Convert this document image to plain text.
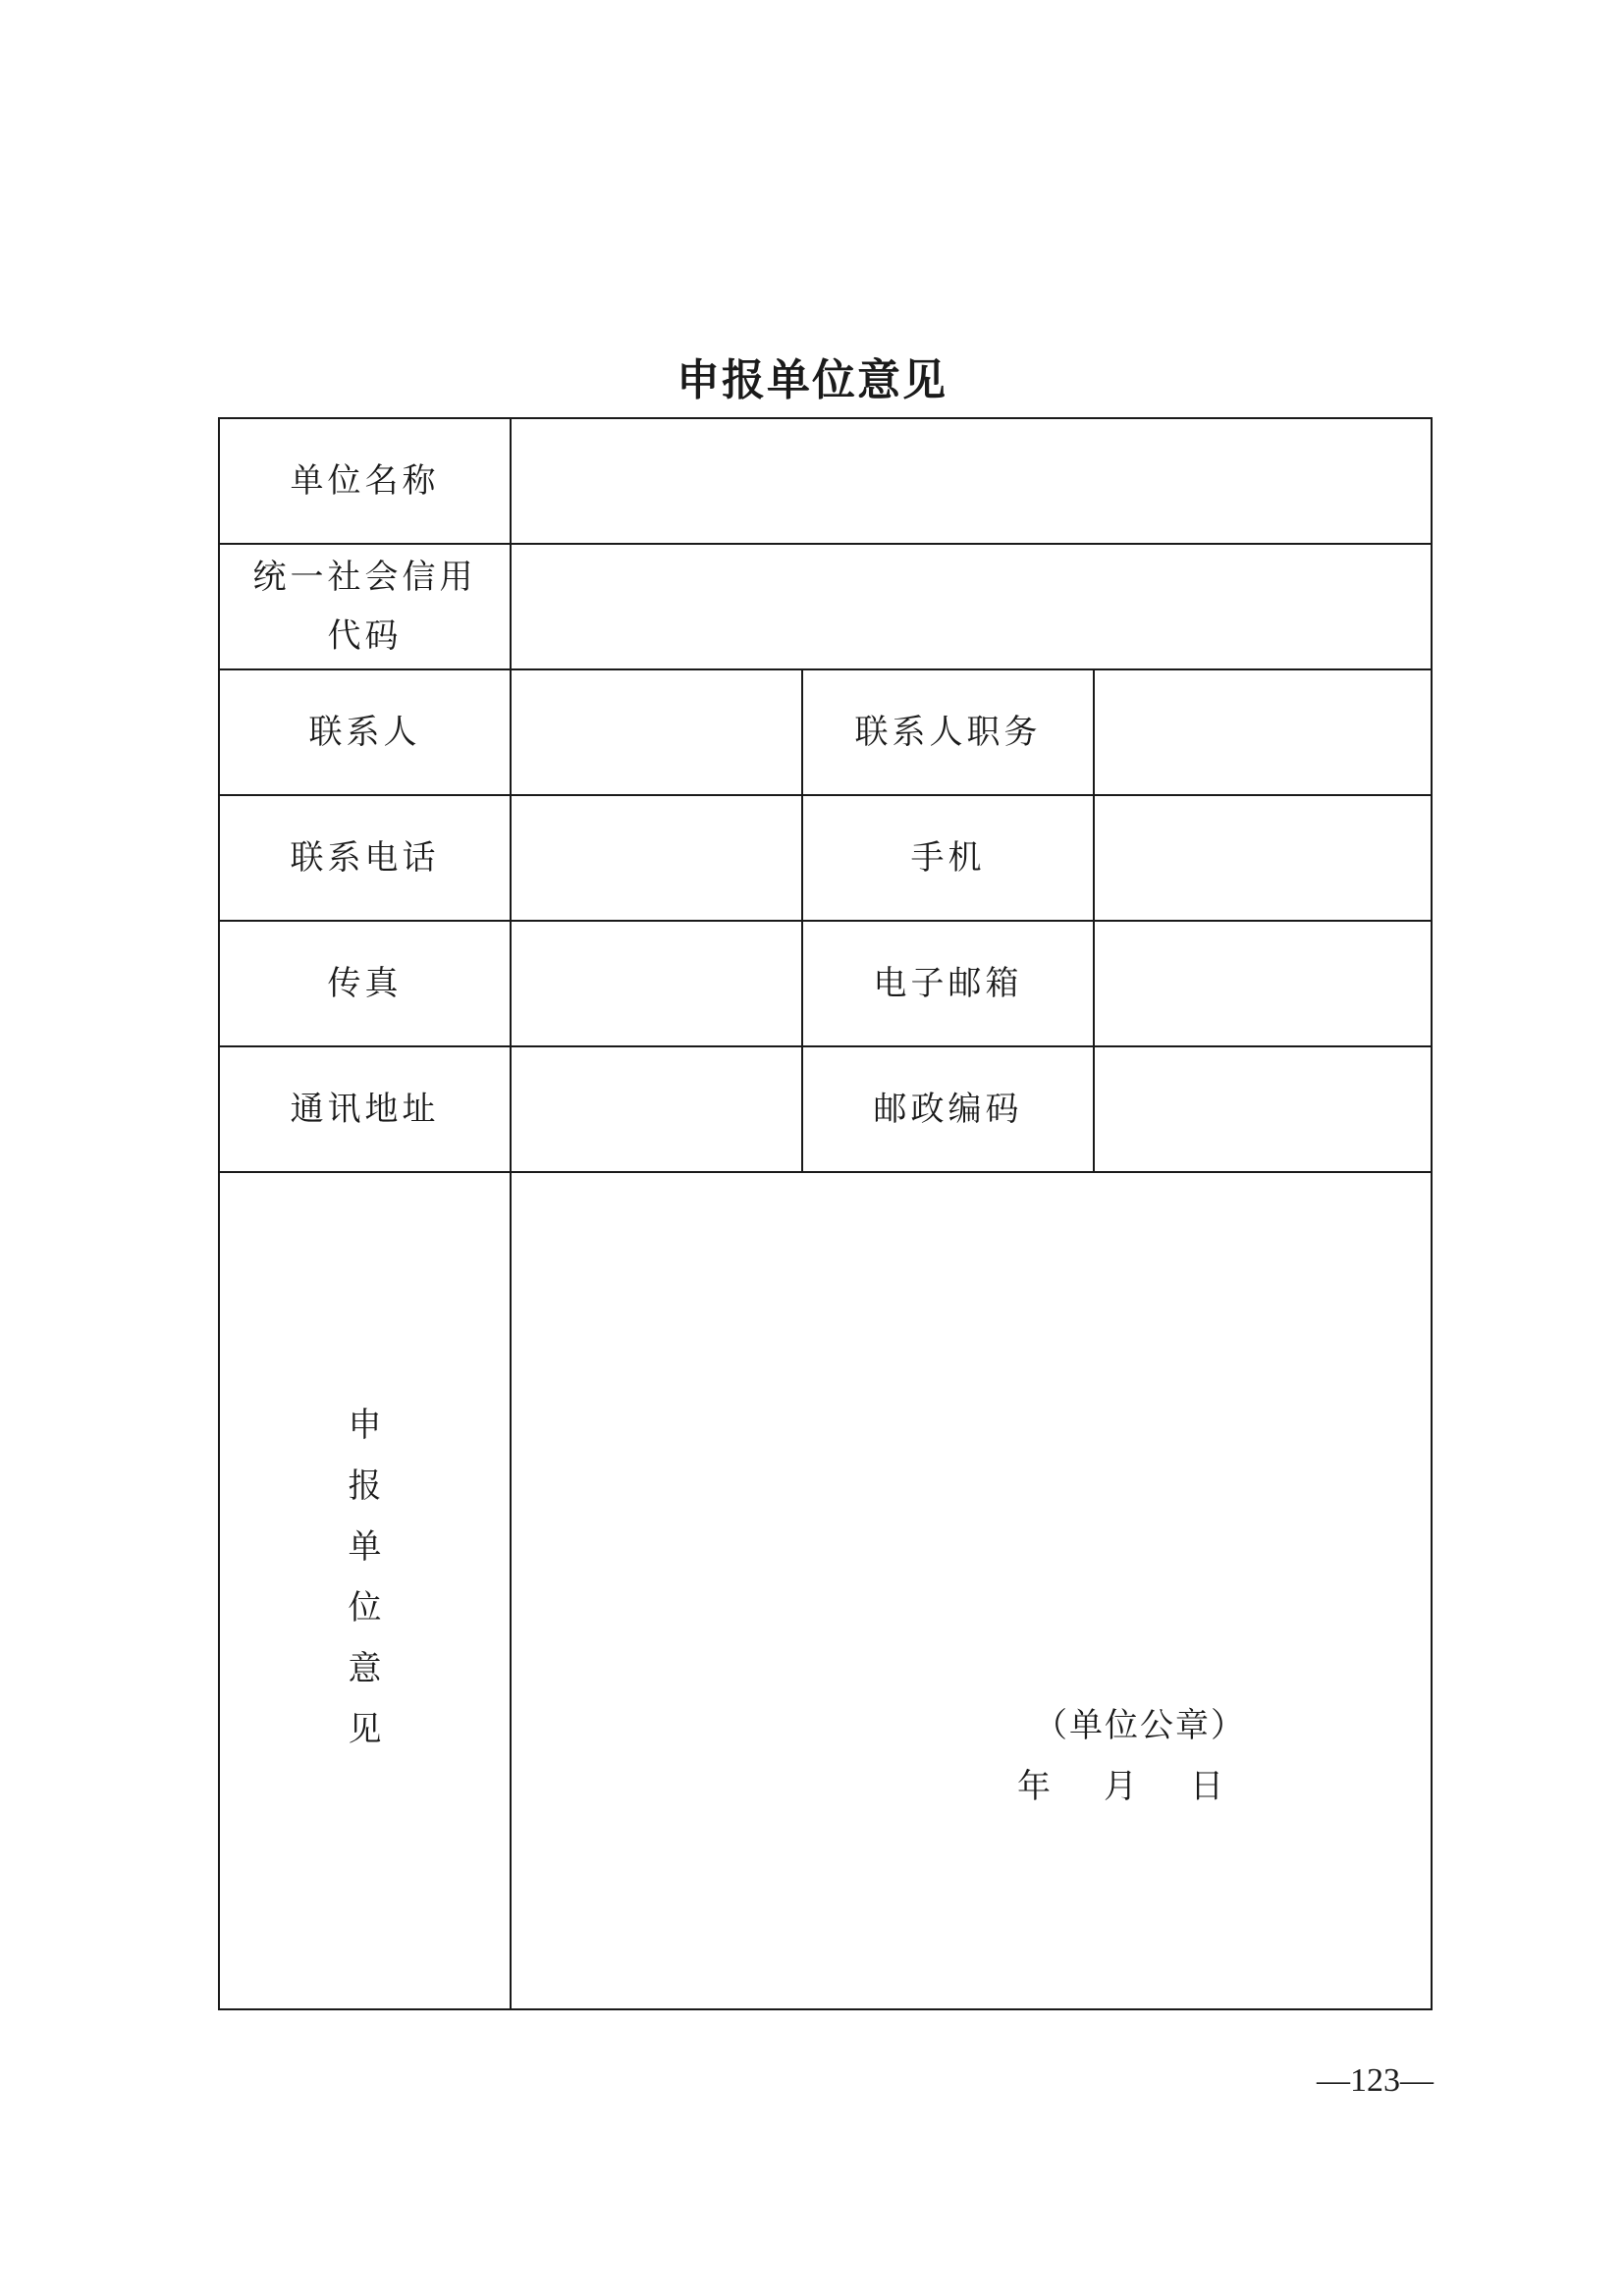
申报单位意见
单位名称			
统一社会信用代码			
联系人		联系人职务	
联系电话		手机	
传真		电子邮箱	
通讯地址		邮政编码	
申报单位意见	（单位公章）
年     月     日		
—123—
